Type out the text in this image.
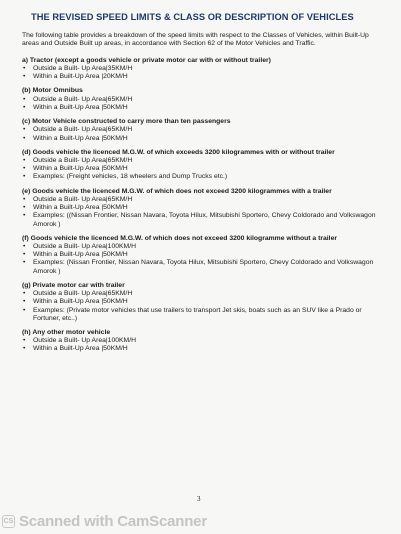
THE REVISED SPEED LIMITS & CLASS OR DESCRIPTION OF VEHICLES

The following table provides a breakdown of the speed limits with respect to the Classes of Vehicles, within Built-Up areas and Outside Built up areas, in accordance with Section 62 of the Motor Vehicles and Traffic.

a) Tractor (except a goods vehicle or private motor car with or without trailer)

• Outside a Built- Up Area|35KM/H
• Within a Built-Up Area |20KM/H

(b) Motor Omnibus

• Outside a Built- Up Area|65KM/H
• Within a Built-Up Area |50KM/H

(c) Motor Vehicle constructed to carry more than ten passengers

• Outside a Built- Up Area|65KM/H
• Within a Built-Up Area |50KM/H

(d) Goods vehicle the licenced M.G.W. of which exceeds 3200 kilogrammes with or without trailer

• Outside a Built- Up Area|65KM/H
• Within a Built-Up Area |50KM/H
• Examples: (Freight vehicles, 18 wheelers and Dump Trucks etc.)

(e) Goods vehicle the licenced M.G.W. of which does not exceed 3200 kilogrammes with a trailer

• Outside a Built- Up Area|65KM/H
• Within a Built-Up Area |50KM/H
• Examples: ((Nissan Frontier, Nissan Navara, Toyota Hilux, Mitsubishi Sportero, Chevy Coldorado and Volkswagon Amorok )

(f) Goods vehicle the licenced M.G.W. of which does not exceed 3200 kilogramme without a trailer

• Outside a Built- Up Area|100KM/H
• Within a Built-Up Area |50KM/H
• Examples: (Nissan Frontier, Nissan Navara, Toyota Hilux, Mitsubishi Sportero, Chevy Coldorado and Volkswagon Amorok )

(g) Private motor car with trailer

• Outside a Built- Up Area|65KM/H
• Within a Built-Up Area |50KM/H
• Examples: (Private motor vehicles that use trailers to transport Jet skis, boats such as an SUV like a Prado or Fortuner, etc..)

(h) Any other motor vehicle

• Outside a Built- Up Area|100KM/H
• Within a Built-Up Area |50KM/H
3
CS Scanned with CamScanner
